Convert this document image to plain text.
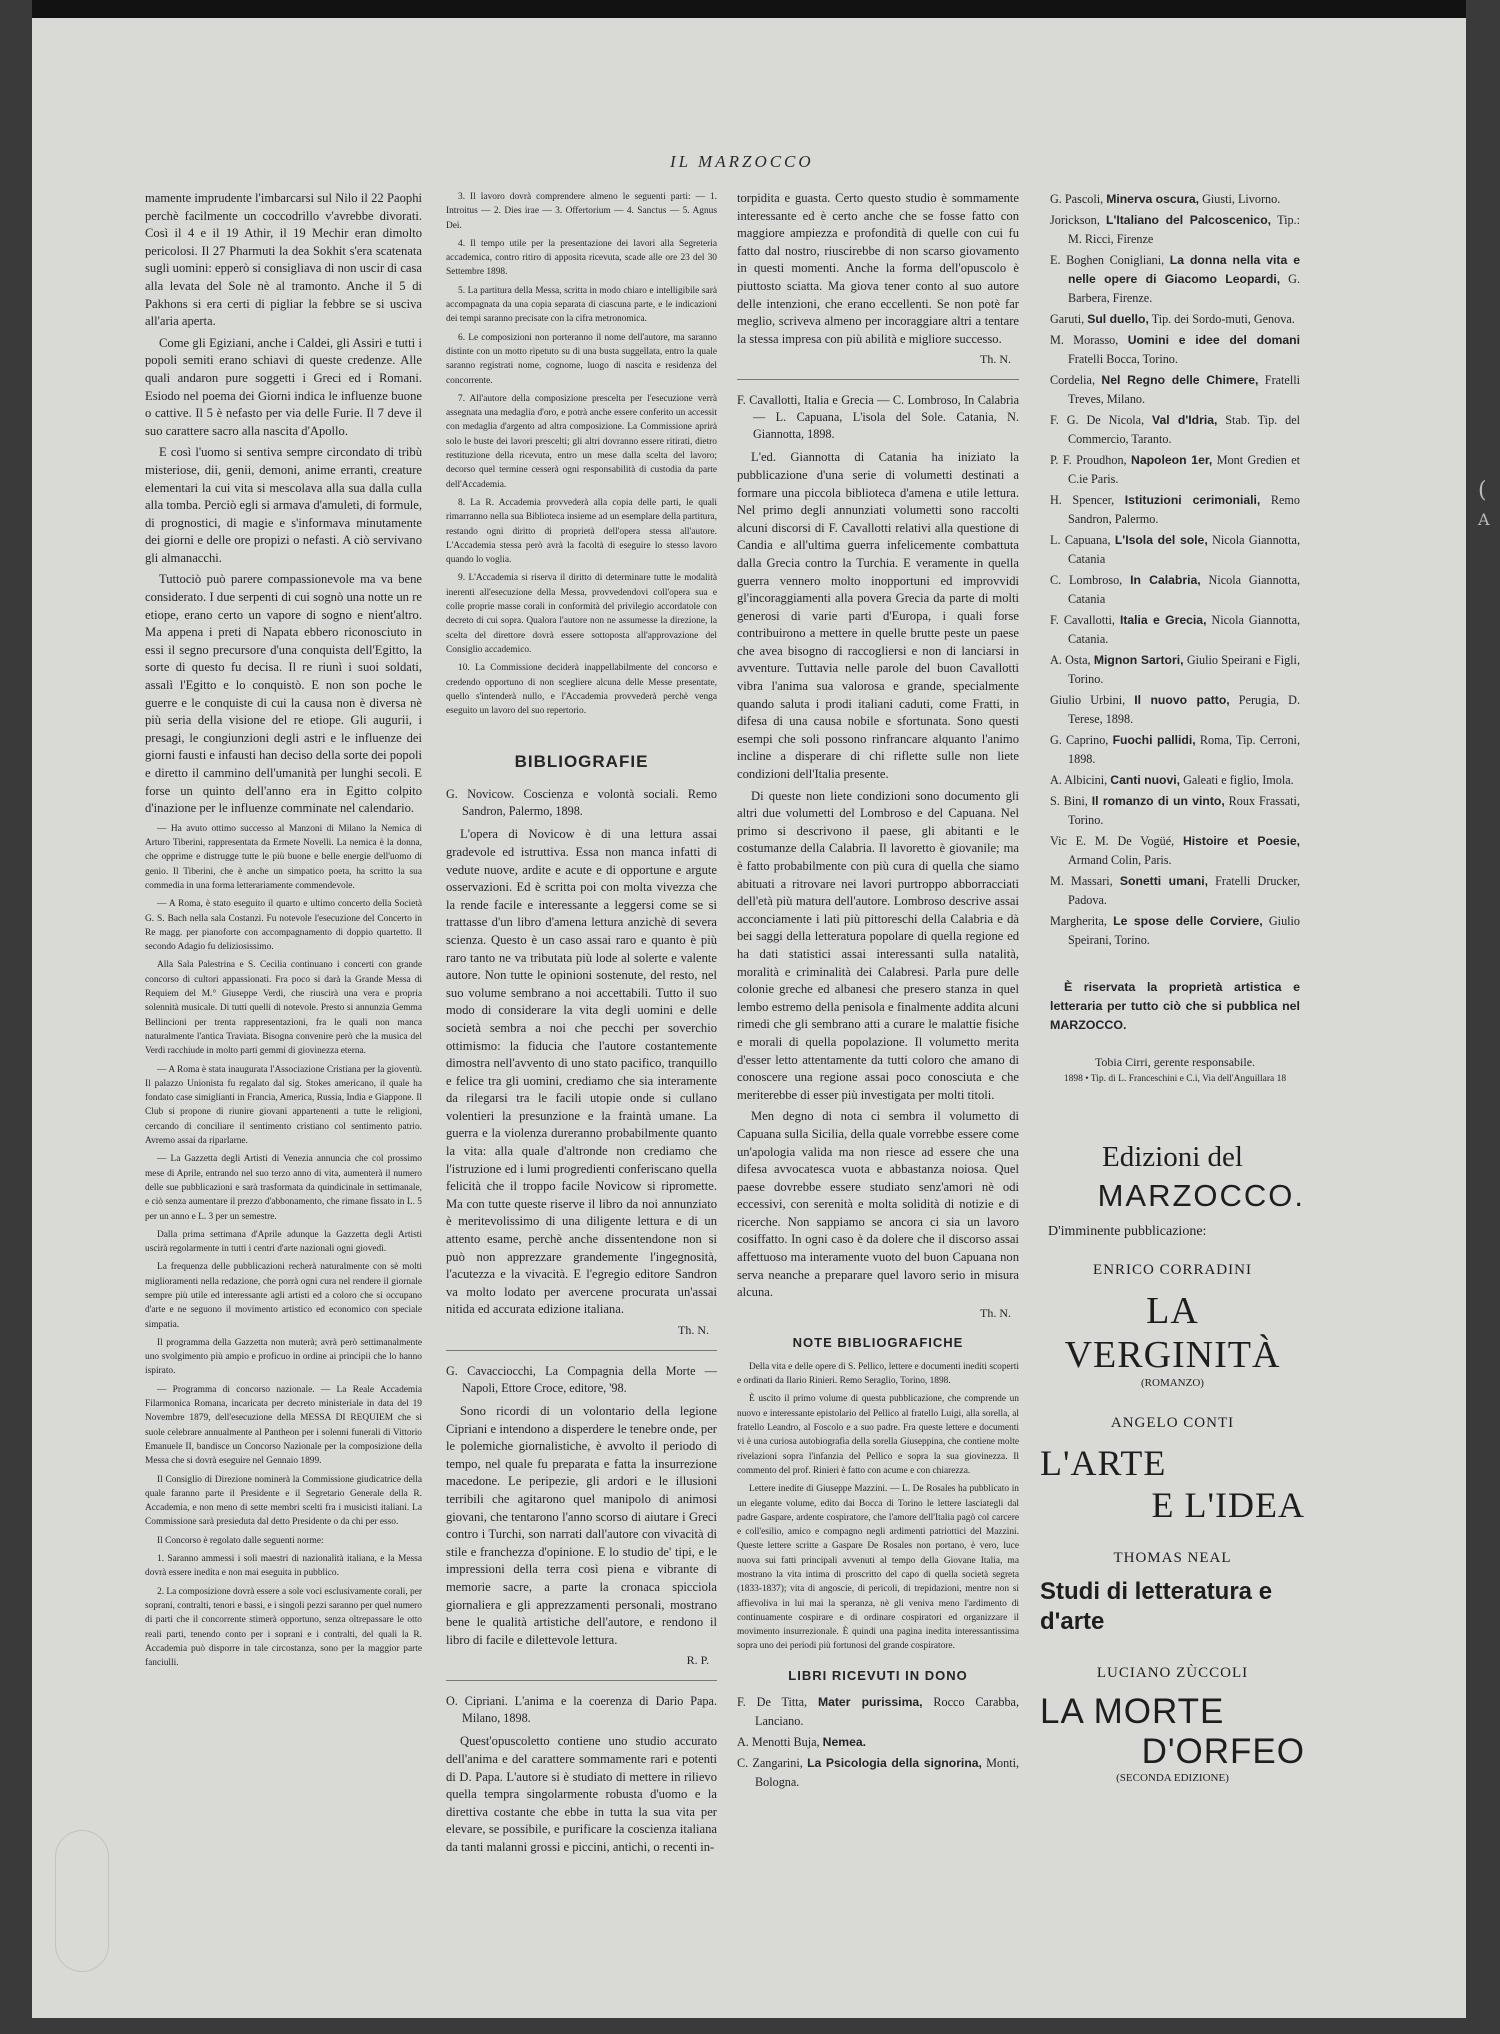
(
A
IL MARZOCCO

mamente imprudente l'imbarcarsi sul Nilo il 22 Paophi perchè facilmente un coccodrillo v'avrebbe divorati. Così il 4 e il 19 Athir, il 19 Mechir eran dimolto pericolosi. Il 27 Pharmuti la dea Sokhit s'era scatenata sugli uomini: epperò si consigliava di non uscir di casa alla levata del Sole nè al tramonto. Anche il 5 di Pakhons si era certi di pigliar la febbre se si usciva all'aria aperta.

Come gli Egiziani, anche i Caldei, gli Assiri e tutti i popoli semiti erano schiavi di queste credenze. Alle quali andaron pure soggetti i Greci ed i Romani. Esiodo nel poema dei Giorni indica le influenze buone o cattive. Il 5 è nefasto per via delle Furie. Il 7 deve il suo carattere sacro alla nascita d'Apollo.

E così l'uomo si sentiva sempre circondato di tribù misteriose, dii, genii, demoni, anime erranti, creature elementari la cui vita si mescolava alla sua dalla culla alla tomba. Perciò egli si armava d'amuleti, di formule, di prognostici, di magie e s'informava minutamente dei giorni e delle ore propizi o nefasti. A ciò servivano gli almanacchi.

Tuttociò può parere compassionevole ma va bene considerato. I due serpenti di cui sognò una notte un re etiope, erano certo un vapore di sogno e nient'altro. Ma appena i preti di Napata ebbero riconosciuto in essi il segno precursore d'una conquista dell'Egitto, la sorte di questo fu decisa. Il re riunì i suoi soldati, assalì l'Egitto e lo conquistò. E non son poche le guerre e le conquiste di cui la causa non è diversa nè più seria della visione del re etiope. Gli augurii, i presagi, le congiunzioni degli astri e le influenze dei giorni fausti e infausti han deciso della sorte dei popoli e diretto il cammino dell'umanità per lunghi secoli. E forse un quinto dell'anno era in Egitto colpito d'inazione per le influenze comminate nel calendario.

— Ha avuto ottimo successo al Manzoni di Milano la Nemica di Arturo Tiberini, rappresentata da Ermete Novelli. La nemica è la donna, che opprime e distrugge tutte le più buone e belle energie dell'uomo di genio. Il Tiberini, che è anche un simpatico poeta, ha scritto la sua commedia in una forma letterariamente commendevole.

— A Roma, è stato eseguito il quarto e ultimo concerto della Società G. S. Bach nella sala Costanzi. Fu notevole l'esecuzione del Concerto in Re magg. per pianoforte con accompagnamento di doppio quartetto. Il secondo Adagio fu deliziosissimo.

Alla Sala Palestrina e S. Cecilia continuano i concerti con grande concorso di cultori appassionati. Fra poco si darà la Grande Messa di Requiem del M.° Giuseppe Verdi, che riuscirà una vera e propria solennità musicale. Di tutti quelli di notevole. Presto si annunzia Gemma Bellincioni per trenta rappresentazioni, fra le quali non manca naturalmente l'antica Traviata. Bisogna convenire però che la musica del Verdi racchiude in molto parti gemmi di giovinezza eterna.

— A Roma è stata inaugurata l'Associazione Cristiana per la gioventù. Il palazzo Unionista fu regalato dal sig. Stokes americano, il quale ha fondato case simiglianti in Francia, America, Russia, India e Giappone. Il Club si propone di riunire giovani appartenenti a tutte le religioni, cercando di conciliare il sentimento cristiano col sentimento patrio. Avremo assai da riparlarne.

— La Gazzetta degli Artisti di Venezia annuncia che col prossimo mese di Aprile, entrando nel suo terzo anno di vita, aumenterà il numero delle sue pubblicazioni e sarà trasformata da quindicinale in settimanale, e ciò senza aumentare il prezzo d'abbonamento, che rimane fissato in L. 5 per un anno e L. 3 per un semestre.

Dalla prima settimana d'Aprile adunque la Gazzetta degli Artisti uscirà regolarmente in tutti i centri d'arte nazionali ogni giovedì.

La frequenza delle pubblicazioni recherà naturalmente con sè molti miglioramenti nella redazione, che porrà ogni cura nel rendere il giornale sempre più utile ed interessante agli artisti ed a coloro che si occupano d'arte e ne seguono il movimento artistico ed economico con speciale simpatia.

Il programma della Gazzetta non muterà; avrà però settimanalmente uno svolgimento più ampio e proficuo in ordine ai principii che lo hanno ispirato.

— Programma di concorso nazionale. — La Reale Accademia Filarmonica Romana, incaricata per decreto ministeriale in data del 19 Novembre 1879, dell'esecuzione della MESSA DI REQUIEM che si suole celebrare annualmente al Pantheon per i solenni funerali di Vittorio Emanuele II, bandisce un Concorso Nazionale per la composizione della Messa che si dovrà eseguire nel Gennaio 1899.

Il Consiglio di Direzione nominerà la Commissione giudicatrice della quale faranno parte il Presidente e il Segretario Generale della R. Accademia, e non meno di sette membri scelti fra i musicisti italiani. La Commissione sarà presieduta dal detto Presidente o da chi per esso.

Il Concorso è regolato dalle seguenti norme:

1. Saranno ammessi i soli maestri di nazionalità italiana, e la Messa dovrà essere inedita e non mai eseguita in pubblico.

2. La composizione dovrà essere a sole voci esclusivamente corali, per soprani, contralti, tenori e bassi, e i singoli pezzi saranno per quel numero di parti che il concorrente stimerà opportuno, senza oltrepassare le otto reali parti, tenendo conto per i soprani e i contralti, del quali la R. Accademia può disporre in tale circostanza, sono per la maggior parte fanciulli.

3. Il lavoro dovrà comprendere almeno le seguenti parti: — 1. Introitus — 2. Dies irae — 3. Offertorium — 4. Sanctus — 5. Agnus Dei.

4. Il tempo utile per la presentazione dei lavori alla Segreteria accademica, contro ritiro di apposita ricevuta, scade alle ore 23 del 30 Settembre 1898.

5. La partitura della Messa, scritta in modo chiaro e intelligibile sarà accompagnata da una copia separata di ciascuna parte, e le indicazioni dei tempi saranno precisate con la cifra metronomica.

6. Le composizioni non porteranno il nome dell'autore, ma saranno distinte con un motto ripetuto su di una busta suggellata, entro la quale saranno registrati nome, cognome, luogo di nascita e residenza del concorrente.

7. All'autore della composizione prescelta per l'esecuzione verrà assegnata una medaglia d'oro, e potrà anche essere conferito un accessit con medaglia d'argento ad altra composizione. La Commissione aprirà solo le buste dei lavori prescelti; gli altri dovranno essere ritirati, dietro restituzione della ricevuta, entro un mese dalla scelta del lavoro; decorso quel termine cesserà ogni responsabilità di custodia da parte dell'Accademia.

8. La R. Accademia provvederà alla copia delle parti, le quali rimarranno nella sua Biblioteca insieme ad un esemplare della partitura, restando ogni diritto di proprietà dell'opera stessa all'autore. L'Accademia stessa però avrà la facoltà di eseguire lo stesso lavoro quando lo voglia.

9. L'Accademia si riserva il diritto di determinare tutte le modalità inerenti all'esecuzione della Messa, provvedendovi coll'opera sua e colle proprie masse corali in conformità del privilegio accordatole con decreto di cui sopra. Qualora l'autore non ne assumesse la direzione, la scelta del direttore dovrà essere sottoposta all'approvazione del Consiglio accademico.

10. La Commissione deciderà inappellabilmente del concorso e credendo opportuno di non scegliere alcuna delle Messe presentate, quello s'intenderà nullo, e l'Accademia provvederà perchè venga eseguito un lavoro del suo repertorio.

BIBLIOGRAFIE

G. Novicow. Coscienza e volontà sociali. Remo Sandron, Palermo, 1898.

L'opera di Novicow è di una lettura assai gradevole ed istruttiva. Essa non manca infatti di vedute nuove, ardite e acute e di opportune e argute osservazioni. Ed è scritta poi con molta vivezza che la rende facile e interessante a leggersi come se si trattasse d'un libro d'amena lettura anzichè di severa scienza. Questo è un caso assai raro e quanto è più raro tanto ne va tributata più lode al solerte e valente autore. Non tutte le opinioni sostenute, del resto, nel suo volume sembrano a noi accettabili. Tutto il suo modo di considerare la vita degli uomini e delle società sembra a noi che pecchi per soverchio ottimismo: la fiducia che l'autore costantemente dimostra nell'avvento di uno stato pacifico, tranquillo e felice tra gli uomini, crediamo che sia interamente da rilegarsi tra le facili utopie onde si cullano volentieri la presunzione e la fraintà umane. La guerra e la violenza dureranno probabilmente quanto la vita: alla quale d'altronde non crediamo che l'istruzione ed i lumi progredienti conferiscano quella felicità che il troppo facile Novicow si ripromette. Ma con tutte queste riserve il libro da noi annunziato è meritevolissimo di una diligente lettura e di un attento esame, perchè anche dissentendone non si può non apprezzare grandemente l'ingegnosità, l'acutezza e la vivacità. E l'egregio editore Sandron va molto lodato per avercene procurata un'assai nitida ed accurata edizione italiana.

Th. N.

G. Cavacciocchi, La Compagnia della Morte — Napoli, Ettore Croce, editore, '98.

Sono ricordi di un volontario della legione Cipriani e intendono a disperdere le tenebre onde, per le polemiche giornalistiche, è avvolto il periodo di tempo, nel quale fu preparata e fatta la insurrezione macedone. Le peripezie, gli ardori e le illusioni terribili che agitarono quel manipolo di animosi giovani, che tentarono l'anno scorso di aiutare i Greci contro i Turchi, son narrati dall'autore con vivacità di stile e franchezza d'opinione. E lo studio de' tipi, e le impressioni della terra così piena e vibrante di memorie sacre, a parte la cronaca spicciola giornaliera e gli apprezzamenti personali, mostrano bene le qualità artistiche dell'autore, e rendono il libro di facile e dilettevole lettura.

R. P.

O. Cipriani. L'anima e la coerenza di Dario Papa. Milano, 1898.

Quest'opuscoletto contiene uno studio accurato dell'anima e del carattere sommamente rari e potenti di D. Papa. L'autore si è studiato di mettere in rilievo quella tempra singolarmente robusta d'uomo e la direttiva costante che ebbe in tutta la sua vita per elevare, se possibile, e purificare la coscienza italiana da tanti malanni grossi e piccini, antichi, o recenti in-

torpidita e guasta. Certo questo studio è sommamente interessante ed è certo anche che se fosse fatto con maggiore ampiezza e profondità di quelle con cui fu fatto dal nostro, riuscirebbe di non scarso giovamento in questi momenti. Anche la forma dell'opuscolo è piuttosto sciatta. Ma giova tener conto al suo autore delle intenzioni, che erano eccellenti. Se non potè far meglio, scriveva almeno per incoraggiare altri a tentare la stessa impresa con più abilità e migliore successo.

Th. N.

F. Cavallotti, Italia e Grecia — C. Lombroso, In Calabria — L. Capuana, L'isola del Sole. Catania, N. Giannotta, 1898.

L'ed. Giannotta di Catania ha iniziato la pubblicazione d'una serie di volumetti destinati a formare una piccola biblioteca d'amena e utile lettura. Nel primo degli annunziati volumetti sono raccolti alcuni discorsi di F. Cavallotti relativi alla questione di Candia e all'ultima guerra infelicemente combattuta dalla Grecia contro la Turchia. E veramente in quella guerra vennero molto inopportuni ed improvvidi gl'incoraggiamenti alla povera Grecia da parte di molti generosi di varie parti d'Europa, i quali forse contribuirono a mettere in quelle brutte peste un paese che avea bisogno di raccogliersi e non di lanciarsi in avventure. Tuttavia nelle parole del buon Cavallotti vibra l'anima sua valorosa e grande, specialmente quando saluta i prodi italiani caduti, come Fratti, in difesa di una causa nobile e sfortunata. Sono questi esempi che soli possono rinfrancare alquanto l'animo incline a disperare di chi riflette sulle non liete condizioni dell'Italia presente.

Di queste non liete condizioni sono documento gli altri due volumetti del Lombroso e del Capuana. Nel primo si descrivono il paese, gli abitanti e le costumanze della Calabria. Il lavoretto è giovanile; ma è fatto probabilmente con più cura di quella che siamo abituati a ritrovare nei lavori purtroppo abborracciati dell'età più matura dell'autore. Lombroso descrive assai acconciamente i lati più pittoreschi della Calabria e dà bei saggi della letteratura popolare di quella regione ed ha dati statistici assai interessanti sulla natalità, moralità e criminalità dei Calabresi. Parla pure delle colonie greche ed albanesi che presero stanza in quel lembo estremo della penisola e finalmente addita alcuni rimedi che gli sembrano atti a curare le malattie fisiche e morali di quella popolazione. Il volumetto merita d'esser letto attentamente da tutti coloro che amano di conoscere una regione assai poco conosciuta e che meriterebbe di esser più investigata per molti titoli.

Men degno di nota ci sembra il volumetto di Capuana sulla Sicilia, della quale vorrebbe essere come un'apologia valida ma non riesce ad essere che una difesa avvocatesca vuota e abbastanza noiosa. Quel paese dovrebbe essere studiato senz'amori nè odi eccessivi, con serenità e molta solidità di notizie e di ricerche. Non sappiamo se ancora ci sia un lavoro cosiffatto. In ogni caso è da dolere che il discorso assai affettuoso ma interamente vuoto del buon Capuana non serva neanche a preparare quel lavoro serio in misura alcuna.

Th. N.
NOTE BIBLIOGRAFICHE

Della vita e delle opere di S. Pellico, lettere e documenti inediti scoperti e ordinati da Ilario Rinieri. Remo Seraglio, Torino, 1898.

È uscito il primo volume di questa pubblicazione, che comprende un nuovo e interessante epistolario del Pellico al fratello Luigi, alla sorella, al fratello Leandro, al Foscolo e a suo padre. Fra queste lettere e documenti vi è una curiosa autobiografia della sorella Giuseppina, che contiene molte rivelazioni sopra l'infanzia del Pellico e sopra la sua giovinezza. Il commento del prof. Rinieri è fatto con acume e con chiarezza.

Lettere inedite di Giuseppe Mazzini. — L. De Rosales ha pubblicato in un elegante volume, edito dai Bocca di Torino le lettere lasciategli dal padre Gaspare, ardente cospiratore, che l'amore dell'Italia pagò col carcere e coll'esilio, amico e compagno negli ardimenti patriottici del Mazzini. Queste lettere scritte a Gaspare De Rosales non portano, è vero, luce nuova sui fatti principali avvenuti al tempo della Giovane Italia, ma mostrano la vita intima di proscritto del capo di quella società segreta (1833-1837); vita di angoscie, di pericoli, di trepidazioni, mentre non si affievoliva in lui mai la speranza, nè gli veniva meno l'ardimento di continuamente cospirare e di ordinare cospiratori ed organizzare il movimento insurrezionale. È quindi una pagina inedita interessantissima sopra uno dei periodi più fortunosi del grande cospiratore.

LIBRI RICEVUTI IN DONO

F. De Titta, Mater purissima, Rocco Carabba, Lanciano.

A. Menotti Buja, Nemea.

C. Zangarini, La Psicologia della signorina, Monti, Bologna.

G. Pascoli, Minerva oscura, Giusti, Livorno.

Jorickson, L'Italiano del Palcoscenico, Tip.: M. Ricci, Firenze

E. Boghen Conigliani, La donna nella vita e nelle opere di Giacomo Leopardi, G. Barbera, Firenze.

Garuti, Sul duello, Tip. dei Sordo-muti, Genova.

M. Morasso, Uomini e idee del domani Fratelli Bocca, Torino.

Cordelia, Nel Regno delle Chimere, Fratelli Treves, Milano.

F. G. De Nicola, Val d'Idria, Stab. Tip. del Commercio, Taranto.

P. F. Proudhon, Napoleon 1er, Mont Gredien et C.ie Paris.

H. Spencer, Istituzioni cerimoniali, Remo Sandron, Palermo.

L. Capuana, L'Isola del sole, Nicola Giannotta, Catania

C. Lombroso, In Calabria, Nicola Giannotta, Catania

F. Cavallotti, Italia e Grecia, Nicola Giannotta, Catania.

A. Osta, Mignon Sartori, Giulio Speirani e Figli, Torino.

Giulio Urbini, Il nuovo patto, Perugia, D. Terese, 1898.

G. Caprino, Fuochi pallidi, Roma, Tip. Cerroni, 1898.

A. Albicini, Canti nuovi, Galeati e figlio, Imola.

S. Bini, Il romanzo di un vinto, Roux Frassati, Torino.

Vic E. M. De Vogüé, Histoire et Poesie, Armand Colin, Paris.

M. Massari, Sonetti umani, Fratelli Drucker, Padova.

Margherita, Le spose delle Corviere, Giulio Speirani, Torino.

È riservata la proprietà artistica e letteraria per tutto ciò che si pubblica nel MARZOCCO.

Tobia Cirri, gerente responsabile.
1898 • Tip. di L. Franceschini e C.i, Via dell'Anguillara 18
Edizioni del
MARZOCCO.
D'imminente pubblicazione:
ENRICO CORRADINI
LA VERGINITÀ
(ROMANZO)
ANGELO CONTI
L'ARTE
E L'IDEA
THOMAS NEAL
Studi di letteratura e d'arte
LUCIANO ZÙCCOLI
LA MORTE
D'ORFEO
(SECONDA EDIZIONE)
